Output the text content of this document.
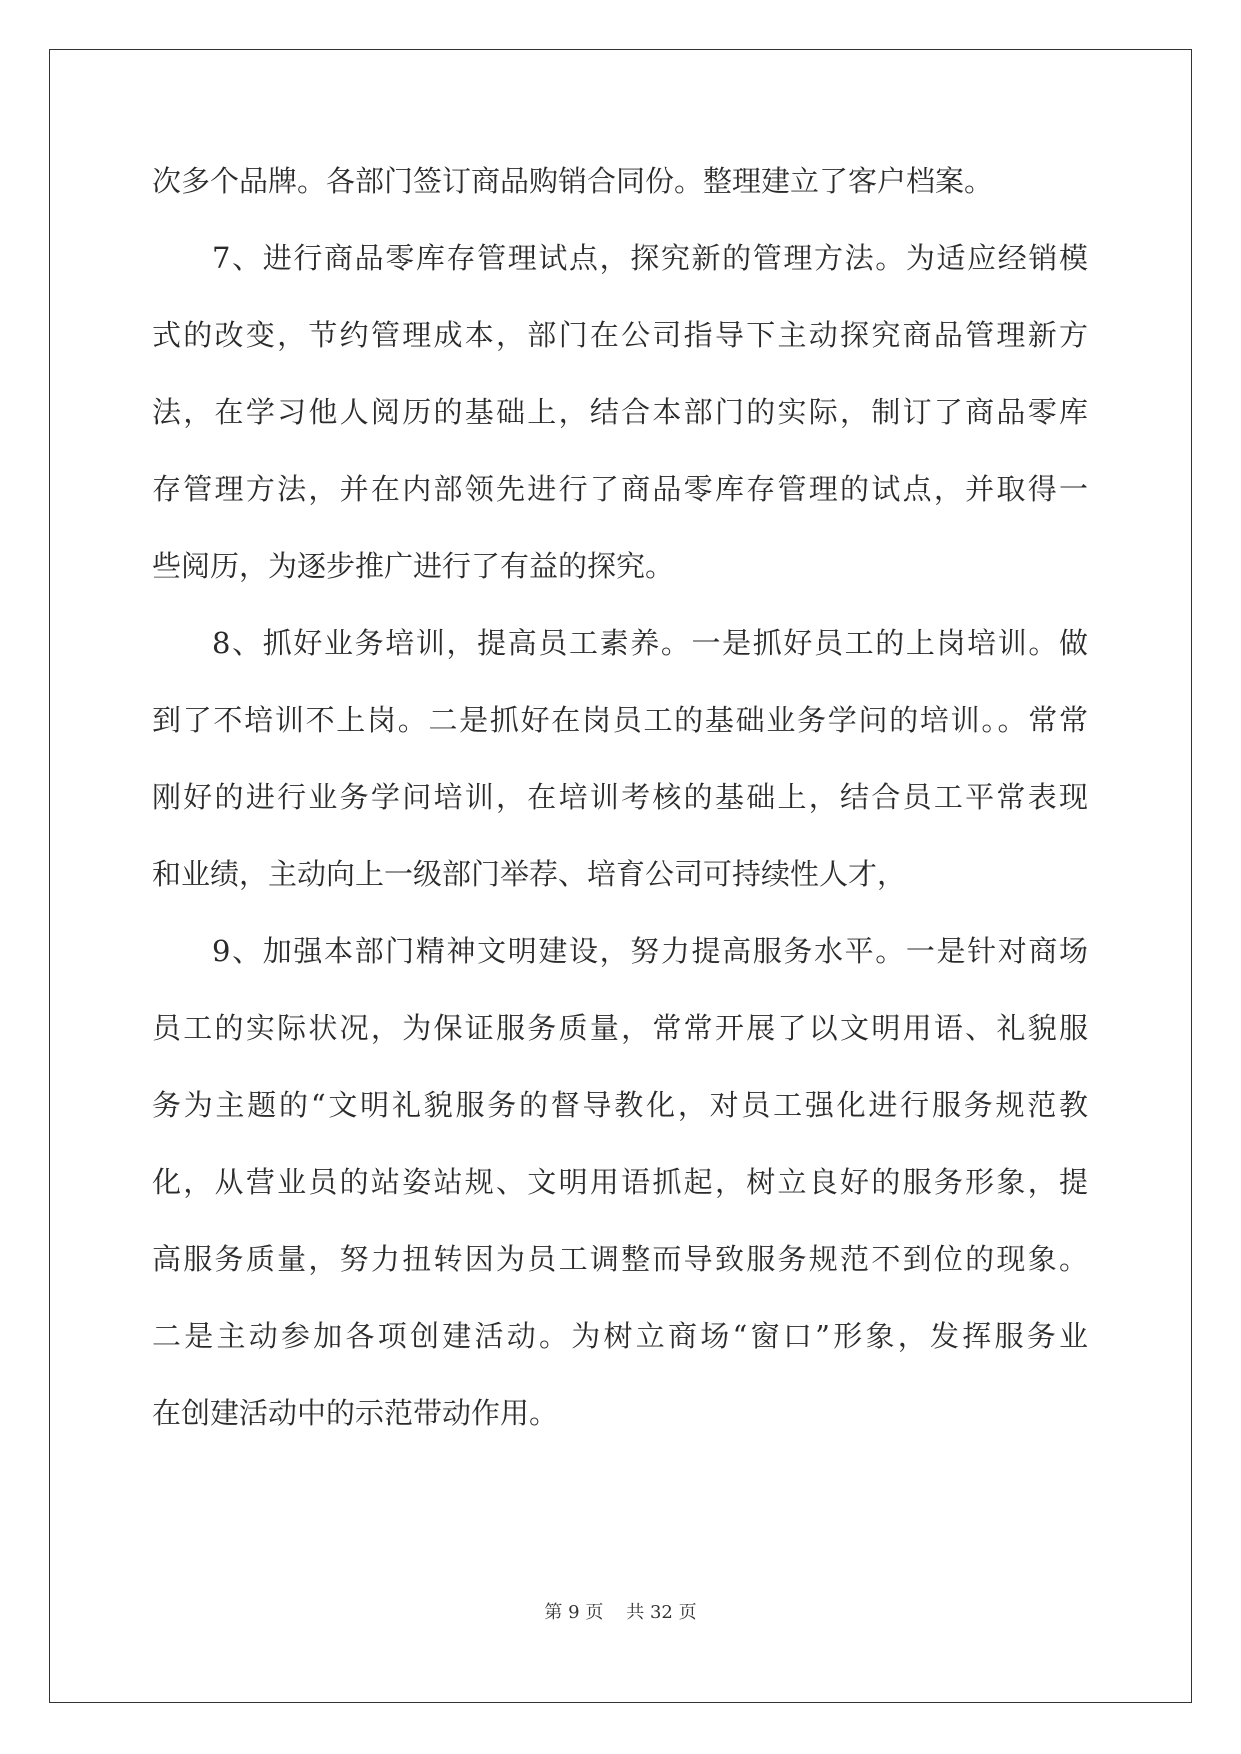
次多个品牌。各部门签订商品购销合同份。整理建立了客户档案。
7、进行商品零库存管理试点，探究新的管理方法。为适应经销模
式的改变，节约管理成本，部门在公司指导下主动探究商品管理新方
法，在学习他人阅历的基础上，结合本部门的实际，制订了商品零库
存管理方法，并在内部领先进行了商品零库存管理的试点，并取得一
些阅历，为逐步推广进行了有益的探究。
8、抓好业务培训，提高员工素养。一是抓好员工的上岗培训。做
到了不培训不上岗。二是抓好在岗员工的基础业务学问的培训。。常常
刚好的进行业务学问培训，在培训考核的基础上，结合员工平常表现
和业绩，主动向上一级部门举荐、培育公司可持续性人才，
9、加强本部门精神文明建设，努力提高服务水平。一是针对商场
员工的实际状况，为保证服务质量，常常开展了以文明用语、礼貌服
务为主题的“文明礼貌服务的督导教化，对员工强化进行服务规范教
化，从营业员的站姿站规、文明用语抓起，树立良好的服务形象，提
高服务质量，努力扭转因为员工调整而导致服务规范不到位的现象。
二是主动参加各项创建活动。为树立商场“窗口”形象，发挥服务业
在创建活动中的示范带动作用。
第 9 页 共 32 页
